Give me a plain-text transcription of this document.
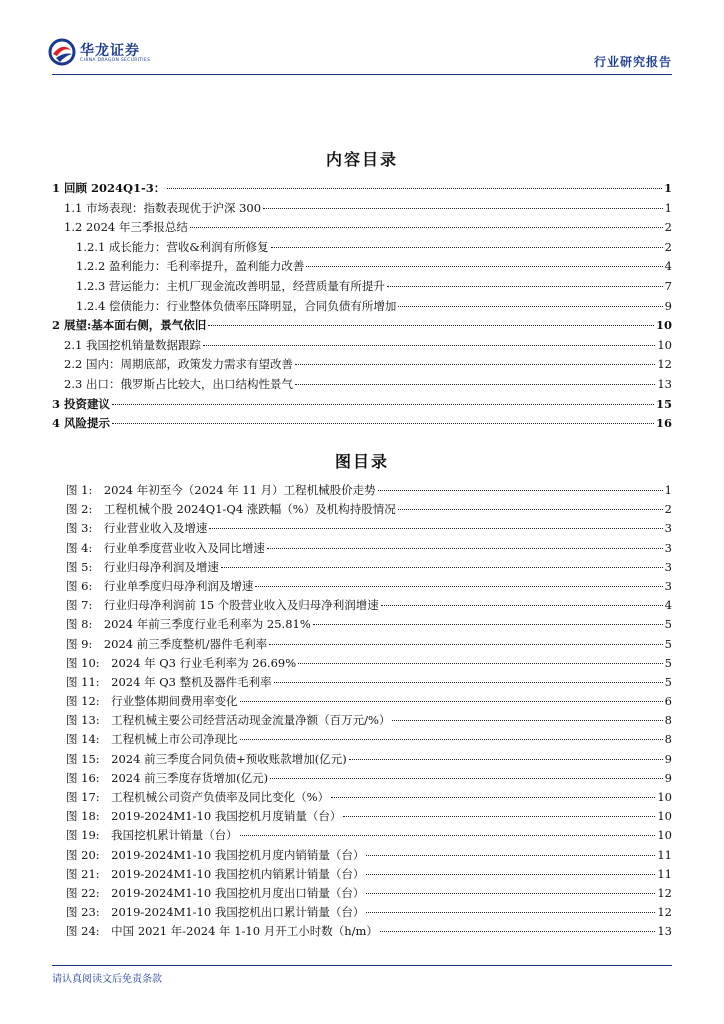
华龙证券
CHINA DRAGON SECURITIES	行业研究报告
内容目录
1 回顾 2024Q1-3：	1
1.1 市场表现：指数表现优于沪深 300	1
1.2 2024 年三季报总结	2
1.2.1 成长能力：营收&利润有所修复	2
1.2.2 盈利能力：毛利率提升，盈利能力改善	4
1.2.3 营运能力：主机厂现金流改善明显，经营质量有所提升	7
1.2.4 偿债能力：行业整体负债率压降明显，合同负债有所增加	9
2 展望:基本面右侧，景气依旧	10
2.1 我国挖机销量数据跟踪	10
2.2 国内：周期底部，政策发力需求有望改善	12
2.3 出口：俄罗斯占比较大，出口结构性景气	13
3 投资建议	15
4 风险提示	16
图目录
图 1:　2024 年初至今（2024 年 11 月）工程机械股价走势	1
图 2:　工程机械个股 2024Q1-Q4 涨跌幅（%）及机构持股情况	2
图 3:　行业营业收入及增速	3
图 4:　行业单季度营业收入及同比增速	3
图 5:　行业归母净利润及增速	3
图 6:　行业单季度归母净利润及增速	3
图 7:　行业归母净利润前 15 个股营业收入及归母净利润增速	4
图 8:　2024 年前三季度行业毛利率为 25.81%	5
图 9:　2024 前三季度整机/器件毛利率	5
图 10:　2024 年 Q3 行业毛利率为 26.69%	5
图 11:　2024 年 Q3 整机及器件毛利率	5
图 12:　行业整体期间费用率变化	6
图 13:　工程机械主要公司经营活动现金流量净额（百万元/%）	8
图 14:　工程机械上市公司净现比	8
图 15:　2024 前三季度合同负债+预收账款增加(亿元)	9
图 16:　2024 前三季度存货增加(亿元)	9
图 17:　工程机械公司资产负债率及同比变化（%）	10
图 18:　2019-2024M1-10 我国挖机月度销量（台）	10
图 19:　我国挖机累计销量（台）	10
图 20:　2019-2024M1-10 我国挖机月度内销销量（台）	11
图 21:　2019-2024M1-10 我国挖机内销累计销量（台）	11
图 22:　2019-2024M1-10 我国挖机月度出口销量（台）	12
图 23:　2019-2024M1-10 我国挖机出口累计销量（台）	12
图 24:　中国 2021 年-2024 年 1-10 月开工小时数（h/m）	13
请认真阅读文后免责条款
